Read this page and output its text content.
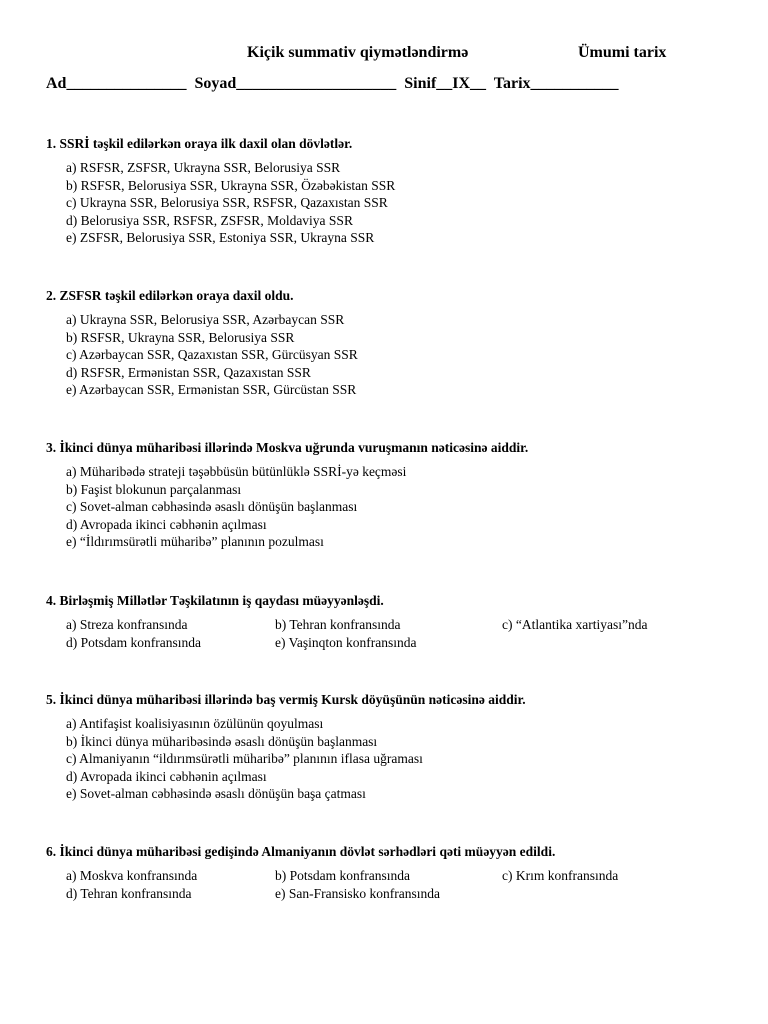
Kiçik summativ qiymətləndirmə	Ümumi tarix
Ad_______________  Soyad____________________  Sinif__IX__  Tarix___________
1. SSRİ təşkil edilərkən oraya ilk daxil olan dövlətlər.
a) RSFSR, ZSFSR, Ukrayna SSR, Belorusiya SSR
b) RSFSR, Belorusiya SSR, Ukrayna SSR, Özəbəkistan SSR
c) Ukrayna SSR, Belorusiya SSR, RSFSR, Qazaxıstan SSR
d) Belorusiya SSR, RSFSR, ZSFSR, Moldaviya SSR
e) ZSFSR, Belorusiya SSR, Estoniya SSR, Ukrayna SSR
2. ZSFSR təşkil edilərkən oraya daxil oldu.
a) Ukrayna SSR, Belorusiya SSR, Azərbaycan SSR
b) RSFSR, Ukrayna SSR, Belorusiya SSR
c) Azərbaycan SSR, Qazaxıstan SSR, Gürcüsyan SSR
d) RSFSR, Ermənistan SSR, Qazaxıstan SSR
e) Azərbaycan SSR, Ermənistan SSR, Gürcüstan SSR
3. İkinci dünya müharibəsi illərində Moskva uğrunda vuruşmanın nəticəsinə aiddir.
a) Müharibədə strateji təşəbbüsün bütünlüklə SSRİ-yə keçməsi
b) Faşist blokunun parçalanması
c) Sovet-alman cəbhəsində əsaslı dönüşün başlanması
d) Avropada ikinci cəbhənin açılması
e) “İldırımsürətli müharibə” planının pozulması
4. Birləşmiş Millətlər Təşkilatının iş qaydası müəyyənləşdi.
a) Streza konfransında	b) Tehran konfransında	c) “Atlantika xartiyası”nda
d) Potsdam konfransında	e) Vaşinqton konfransında
5. İkinci dünya müharibəsi illərində baş vermiş Kursk döyüşünün nəticəsinə aiddir.
a) Antifaşist koalisiyasının özülünün qoyulması
b) İkinci dünya müharibəsində əsaslı dönüşün başlanması
c) Almaniyanın “ildırımsürətli müharibə” planının iflasa uğraması
d) Avropada ikinci cəbhənin açılması
e) Sovet-alman cəbhəsində əsaslı dönüşün başa çatması
6. İkinci dünya müharibəsi gedişində Almaniyanın dövlət sərhədləri qəti müəyyən edildi.
a) Moskva konfransında	b) Potsdam konfransında	c) Krım konfransında
d) Tehran konfransında	e) San-Fransisko konfransında
